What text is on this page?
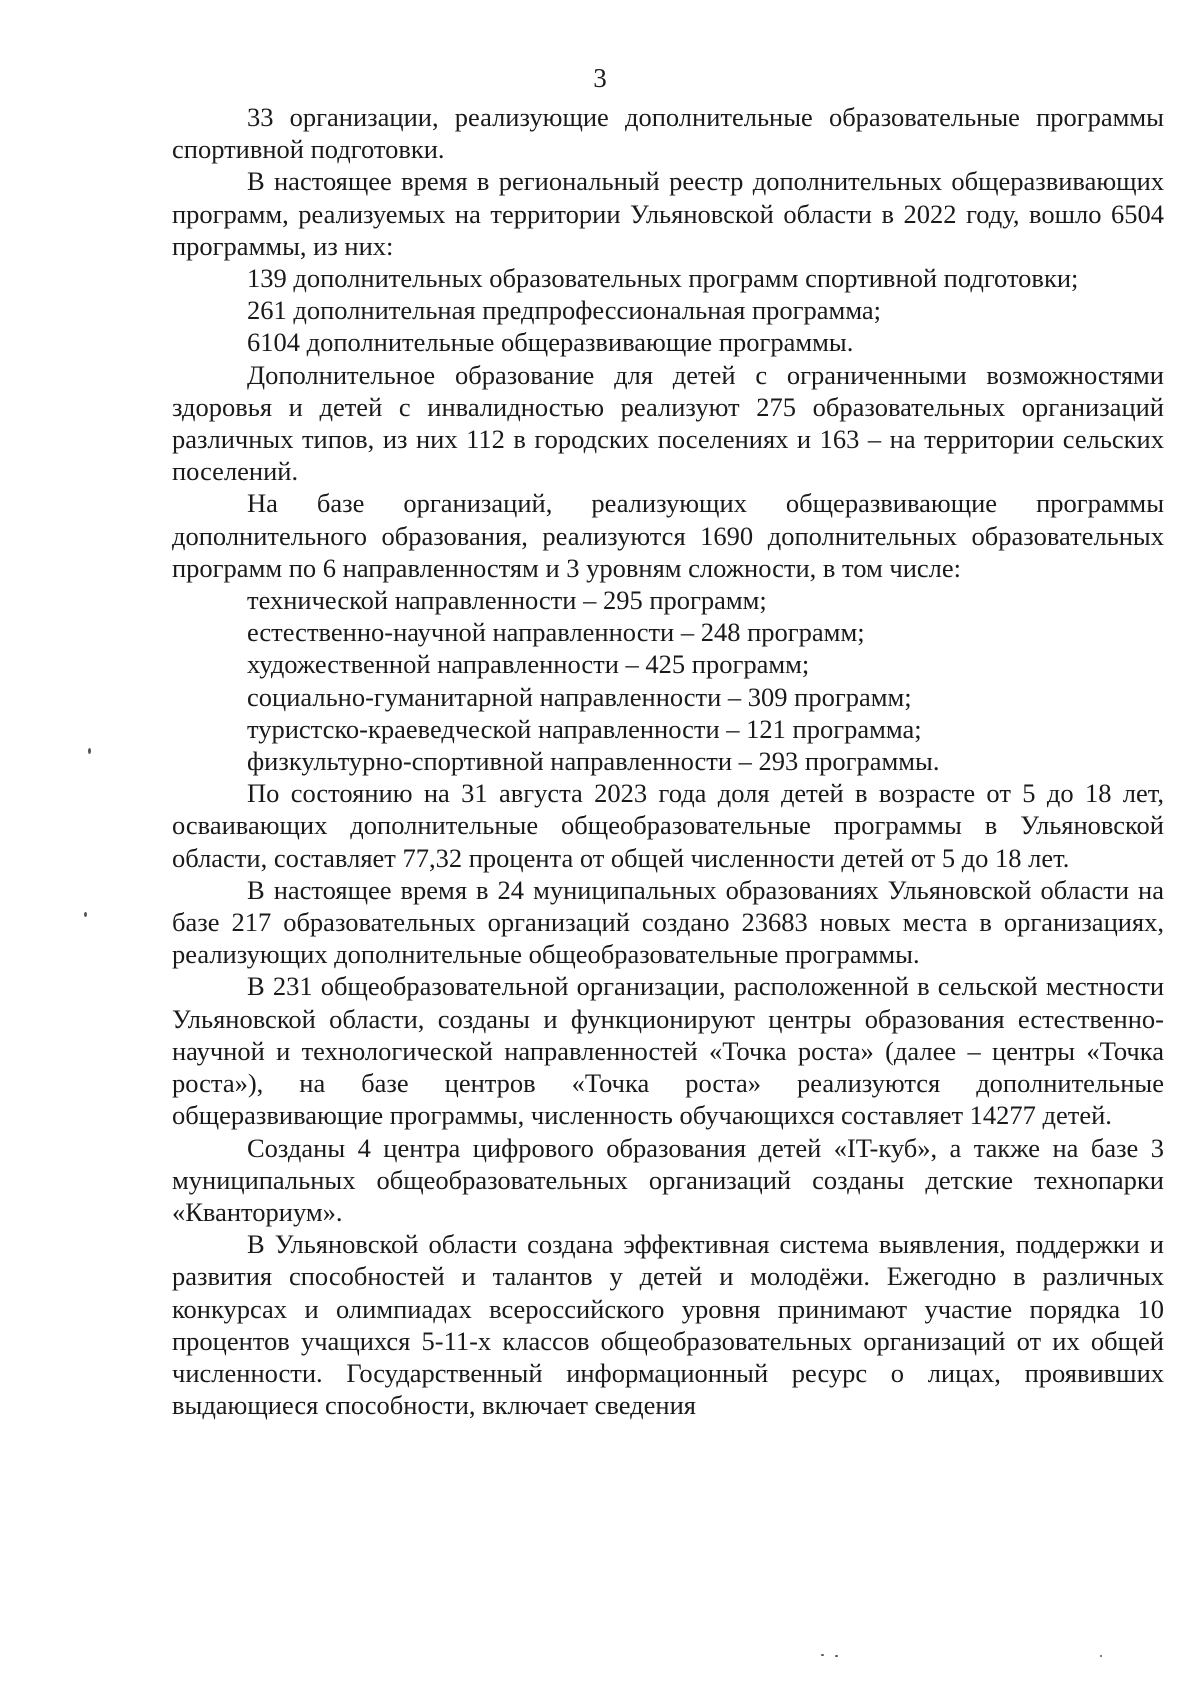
3

33 организации, реализующие дополнительные образовательные программы спортивной подготовки.

В настоящее время в региональный реестр дополнительных общеразвивающих программ, реализуемых на территории Ульяновской области в 2022 году, вошло 6504 программы, из них:

139 дополнительных образовательных программ спортивной подготовки;

261 дополнительная предпрофессиональная программа;

6104 дополнительные общеразвивающие программы.

Дополнительное образование для детей с ограниченными возможностями здоровья и детей с инвалидностью реализуют 275 образовательных организаций различных типов, из них 112 в городских поселениях и 163 – на территории сельских поселений.

На базе организаций, реализующих общеразвивающие программы дополнительного образования, реализуются 1690 дополнительных образовательных программ по 6 направленностям и 3 уровням сложности, в том числе:

технической направленности – 295 программ;

естественно-научной направленности – 248 программ;

художественной направленности – 425 программ;

социально-гуманитарной направленности – 309 программ;

туристско-краеведческой направленности – 121 программа;

физкультурно-спортивной направленности – 293 программы.

По состоянию на 31 августа 2023 года доля детей в возрасте от 5 до 18 лет, осваивающих дополнительные общеобразовательные программы в Ульяновской области, составляет 77,32 процента от общей численности детей от 5 до 18 лет.

В настоящее время в 24 муниципальных образованиях Ульяновской области на базе 217 образовательных организаций создано 23683 новых места в организациях, реализующих дополнительные общеобразовательные программы.

В 231 общеобразовательной организации, расположенной в сельской местности Ульяновской области, созданы и функционируют центры образования естественно-научной и технологической направленностей «Точка роста» (далее – центры «Точка роста»), на базе центров «Точка роста» реализуются дополнительные общеразвивающие программы, численность обучающихся составляет 14277 детей.

Созданы 4 центра цифрового образования детей «IT-куб», а также на базе 3 муниципальных общеобразовательных организаций созданы детские технопарки «Кванториум».

В Ульяновской области создана эффективная система выявления, поддержки и развития способностей и талантов у детей и молодёжи. Ежегодно в различных конкурсах и олимпиадах всероссийского уровня принимают участие порядка 10 процентов учащихся 5-11-х классов общеобразовательных организаций от их общей численности. Государственный информационный ресурс о лицах, проявивших выдающиеся способности, включает сведения
